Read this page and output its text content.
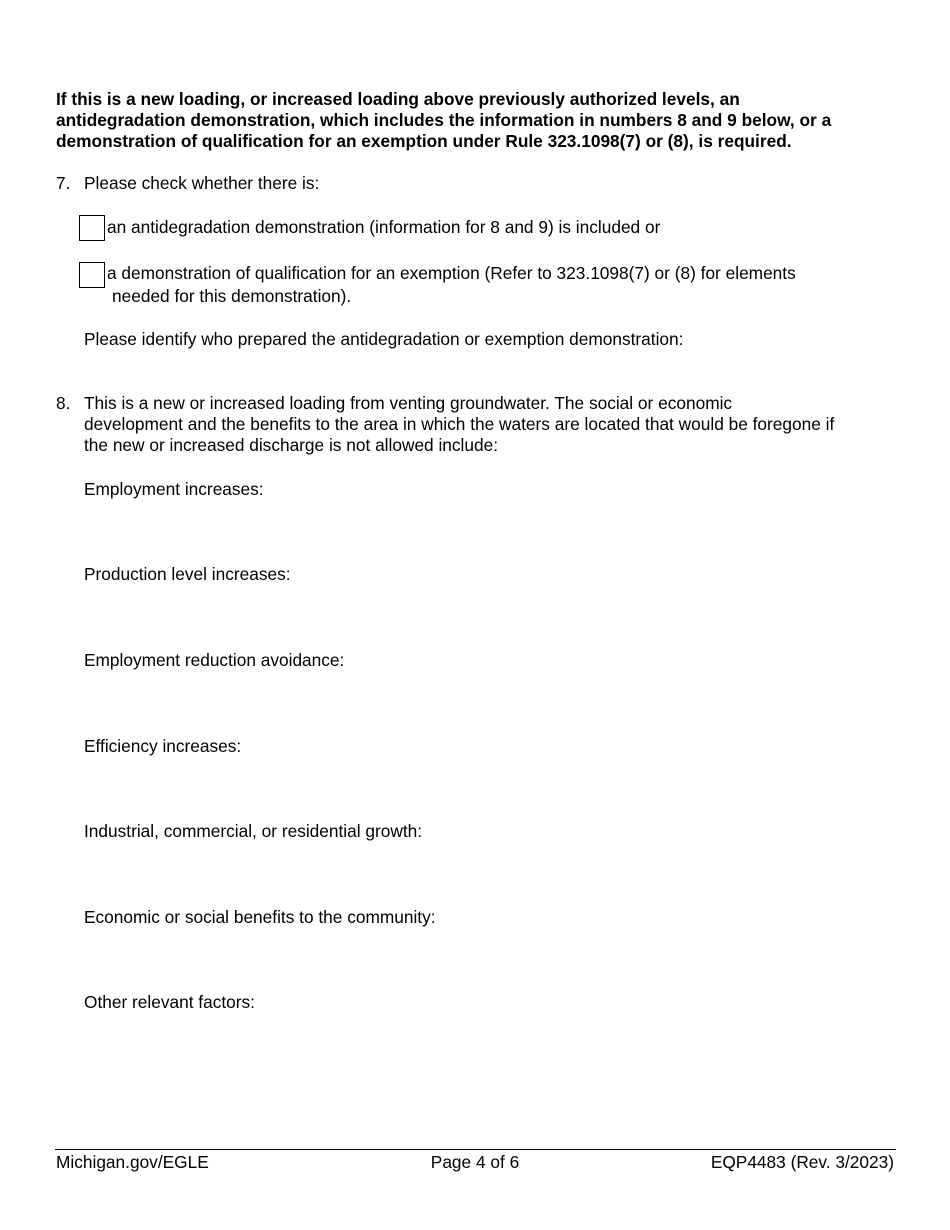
If this is a new loading, or increased loading above previously authorized levels, an
antidegradation demonstration, which includes the information in numbers 8 and 9 below, or a
demonstration of qualification for an exemption under Rule 323.1098(7) or (8), is required.
7. Please check whether there is:
an antidegradation demonstration (information for 8 and 9) is included or
a demonstration of qualification for an exemption (Refer to 323.1098(7) or (8) for elements
needed for this demonstration).
Please identify who prepared the antidegradation or exemption demonstration:
8. This is a new or increased loading from venting groundwater. The social or economic
development and the benefits to the area in which the waters are located that would be foregone if
the new or increased discharge is not allowed include:
Employment increases:
Production level increases:
Employment reduction avoidance:
Efficiency increases:
Industrial, commercial, or residential growth:
Economic or social benefits to the community:
Other relevant factors:
Michigan.gov/EGLE	Page 4 of 6	EQP4483 (Rev. 3/2023)
